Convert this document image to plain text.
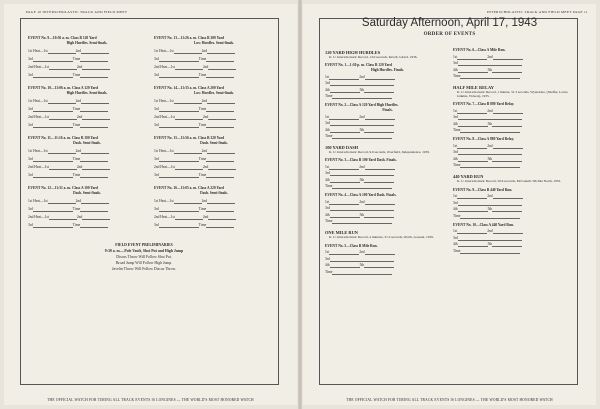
PAGE 10 INTERSCHOLASTIC TRACK AND FIELD MEET
EVENT No. 9—10:56 a. m. Class B 120 Yard
High Hurdles. Semi-finals.
1st Heat—1st	2nd
3rd	Time
2nd Heat—1st	2nd
3rd	Time
EVENT No. 10—11:06 a. m. Class A 120 Yard
High Hurdles. Semi-finals.
1st Heat—1st	2nd
3rd	Time
2nd Heat—1st	2nd
3rd	Time
EVENT No. 11—11:16 a. m. Class B 100 Yard
Dash. Semi-finals.
1st Heat—1st	2nd
3rd	Time
2nd Heat—1st	2nd
3rd	Time
EVENT No. 12—11:31 a. m. Class A 100 Yard
Dash. Semi-finals.
1st Heat—1st	2nd
3rd	Time
2nd Heat—1st	2nd
3rd	Time
EVENT No. 13—11:26 a. m. Class B 200 Yard
Low Hurdles. Semi-finals.
1st Heat—1st	2nd
3rd	Time
2nd Heat—1st	2nd
3rd	Time
EVENT No. 14—11:35 a. m. Class A 200 Yard
Low Hurdles. Semi-finals.
1st Heat—1st	2nd
3rd	Time
2nd Heat—1st	2nd
3rd	Time
EVENT No. 15—11:56 a. m. Class B 220 Yard
Dash. Semi-finals.
1st Heat—1st	2nd
3rd	Time
2nd Heat—1st	2nd
3rd	Time
EVENT No. 16—11:05 a. m. Class A 220 Yard
Dash. Semi-finals.
1st Heat—1st	2nd
3rd	Time
2nd Heat—1st	2nd
3rd	Time
FIELD EVENT PRELIMINARIES
9:30 a. m.—Pole Vault, Shot Put and High Jump
Discus Throw Will Follow Shot Put.
Broad Jump Will Follow High Jump.
Javelin Throw Will Follow Discus Throw.
THE OFFICIAL WATCH FOR TIMING ALL TRACK EVENTS IS LONGINES — THE WORLD'S MOST HONORED WATCH
INTERSCHOLASTIC TRACK AND FIELD MEET PAGE 11
Saturday Afternoon, April 17, 1943
ORDER OF EVENTS
120 YARD HIGH HURDLES
K. U. Interscholastic Record, 14.9 seconds, Revell, Girard, 1936.
EVENT No. 1—1:30 p. m. Class B 120 Yard
High Hurdles. Finals.
1st	2nd
3rd
4th	5th
Time
EVENT No. 2—Class A 120 Yard High Hurdles.
Finals.
1st	2nd
3rd
4th	5th
Time
100 YARD DASH
K. U. Interscholastic Record, 9.9 seconds, Overfield, Independence, 1939.
EVENT No. 3—Class B 100 Yard Dash. Finals.
1st	2nd
3rd
4th	5th
Time
EVENT No. 4—Class A 100 Yard Dash. Finals.
1st	2nd
3rd
4th	5th
Time
ONE MILE RUN
K. U. Interscholastic Record, 4 minutes, 31.3 seconds, Worth, Goessel, 1939.
EVENT No. 5—Class B Mile Run.
1st	2nd
3rd
4th	5th
Time
EVENT No. 6—Class A Mile Run.
1st	2nd
3rd
4th	5th
Time
HALF MILE RELAY
K. U. Interscholastic Record, 1 minute, 31.3 seconds, Wyandotte, (Shaffer, Lewis, Jenkins, Vickers), 1935.
EVENT No. 7—Class B 880 Yard Relay.
1st	2nd
3rd
4th	5th
Time
EVENT No. 8—Class A 880 Yard Relay.
1st	2nd
3rd
4th	5th
Time
440 YARD RUN
K. U. Interscholastic Record, 50.6 seconds, McCaskill, Wichita North, 1935.
EVENT No. 9—Class B 440 Yard Run.
1st	2nd
3rd
4th	5th
Time
EVENT No. 10—Class A 440 Yard Run.
1st	2nd
3rd
4th	5th
Time
THE OFFICIAL WATCH FOR TIMING ALL TRACK EVENTS IS LONGINES — THE WORLD'S MOST HONORED WATCH
